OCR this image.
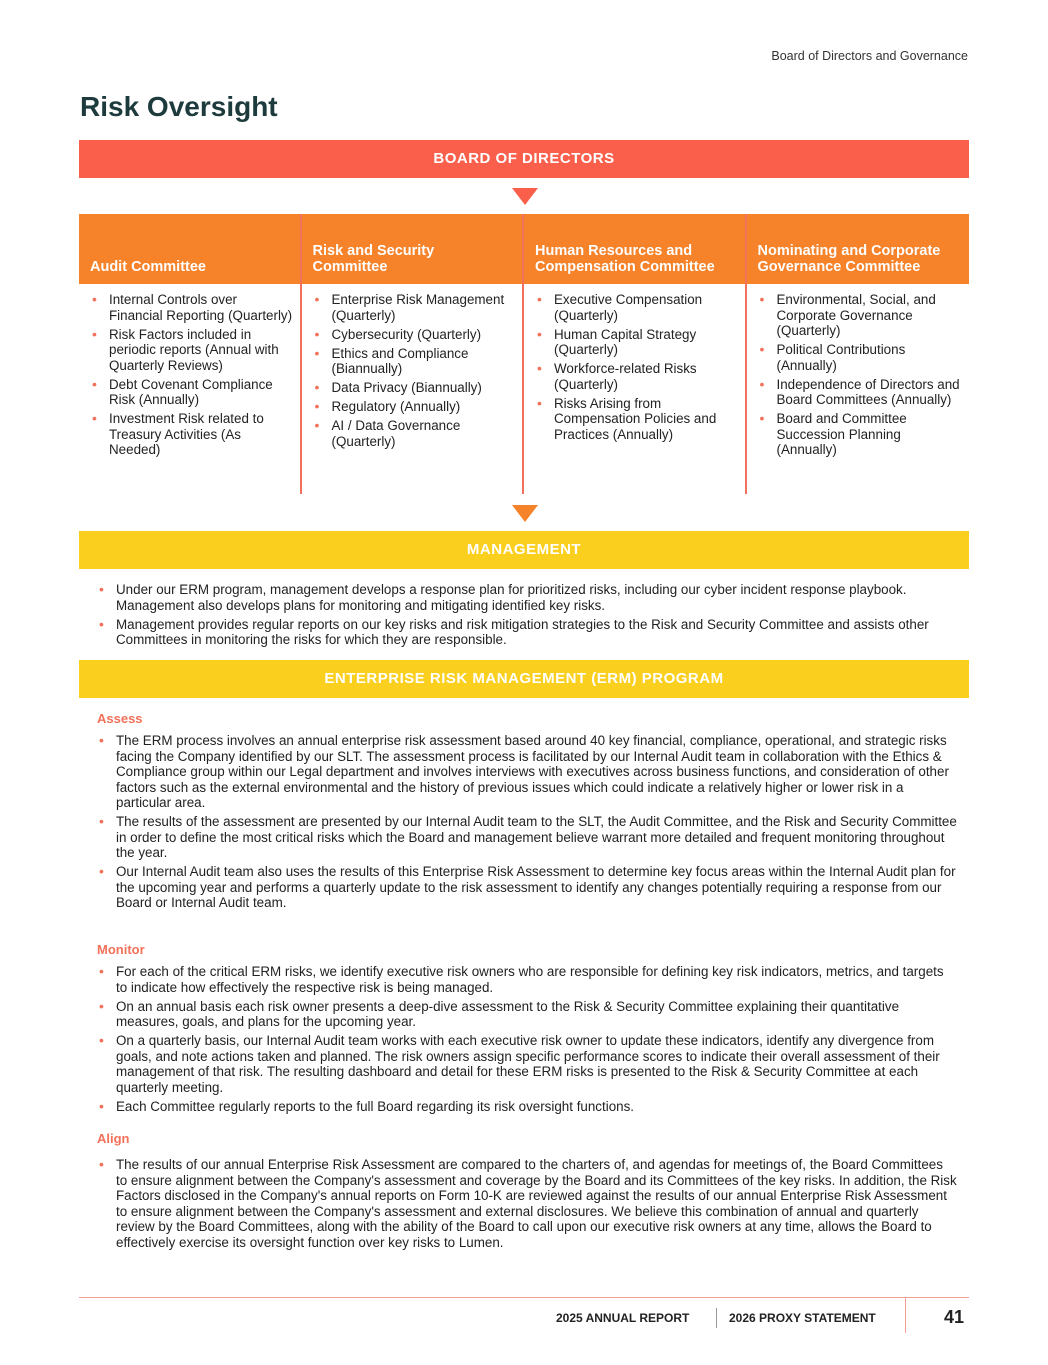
Board of Directors and Governance
Risk Oversight
BOARD OF DIRECTORS
Audit Committee
• Internal Controls over Financial Reporting (Quarterly)
• Risk Factors included in periodic reports (Annual with Quarterly Reviews)
• Debt Covenant Compliance Risk (Annually)
• Investment Risk related to Treasury Activities (As Needed)
Risk and Security Committee
• Enterprise Risk Management (Quarterly)
• Cybersecurity (Quarterly)
• Ethics and Compliance (Biannually)
• Data Privacy (Biannually)
• Regulatory (Annually)
• AI / Data Governance (Quarterly)
Human Resources and Compensation Committee
• Executive Compensation (Quarterly)
• Human Capital Strategy (Quarterly)
• Workforce-related Risks (Quarterly)
• Risks Arising from Compensation Policies and Practices (Annually)
Nominating and Corporate Governance Committee
• Environmental, Social, and Corporate Governance (Quarterly)
• Political Contributions (Annually)
• Independence of Directors and Board Committees (Annually)
• Board and Committee Succession Planning (Annually)
MANAGEMENT
• Under our ERM program, management develops a response plan for prioritized risks, including our cyber incident response playbook. Management also develops plans for monitoring and mitigating identified key risks.
• Management provides regular reports on our key risks and risk mitigation strategies to the Risk and Security Committee and assists other Committees in monitoring the risks for which they are responsible.
ENTERPRISE RISK MANAGEMENT (ERM) PROGRAM
Assess
• The ERM process involves an annual enterprise risk assessment based around 40 key financial, compliance, operational, and strategic risks facing the Company identified by our SLT. The assessment process is facilitated by our Internal Audit team in collaboration with the Ethics & Compliance group within our Legal department and involves interviews with executives across business functions, and consideration of other factors such as the external environmental and the history of previous issues which could indicate a relatively higher or lower risk in a particular area.
• The results of the assessment are presented by our Internal Audit team to the SLT, the Audit Committee, and the Risk and Security Committee in order to define the most critical risks which the Board and management believe warrant more detailed and frequent monitoring throughout the year.
• Our Internal Audit team also uses the results of this Enterprise Risk Assessment to determine key focus areas within the Internal Audit plan for the upcoming year and performs a quarterly update to the risk assessment to identify any changes potentially requiring a response from our Board or Internal Audit team.
Monitor
• For each of the critical ERM risks, we identify executive risk owners who are responsible for defining key risk indicators, metrics, and targets to indicate how effectively the respective risk is being managed.
• On an annual basis each risk owner presents a deep-dive assessment to the Risk & Security Committee explaining their quantitative measures, goals, and plans for the upcoming year.
• On a quarterly basis, our Internal Audit team works with each executive risk owner to update these indicators, identify any divergence from goals, and note actions taken and planned. The risk owners assign specific performance scores to indicate their overall assessment of their management of that risk. The resulting dashboard and detail for these ERM risks is presented to the Risk & Security Committee at each quarterly meeting.
• Each Committee regularly reports to the full Board regarding its risk oversight functions.
Align
• The results of our annual Enterprise Risk Assessment are compared to the charters of, and agendas for meetings of, the Board Committees to ensure alignment between the Company's assessment and coverage by the Board and its Committees of the key risks. In addition, the Risk Factors disclosed in the Company's annual reports on Form 10-K are reviewed against the results of our annual Enterprise Risk Assessment to ensure alignment between the Company's assessment and external disclosures. We believe this combination of annual and quarterly review by the Board Committees, along with the ability of the Board to call upon our executive risk owners at any time, allows the Board to effectively exercise its oversight function over key risks to Lumen.
2025 ANNUAL REPORT	2026 PROXY STATEMENT	41
